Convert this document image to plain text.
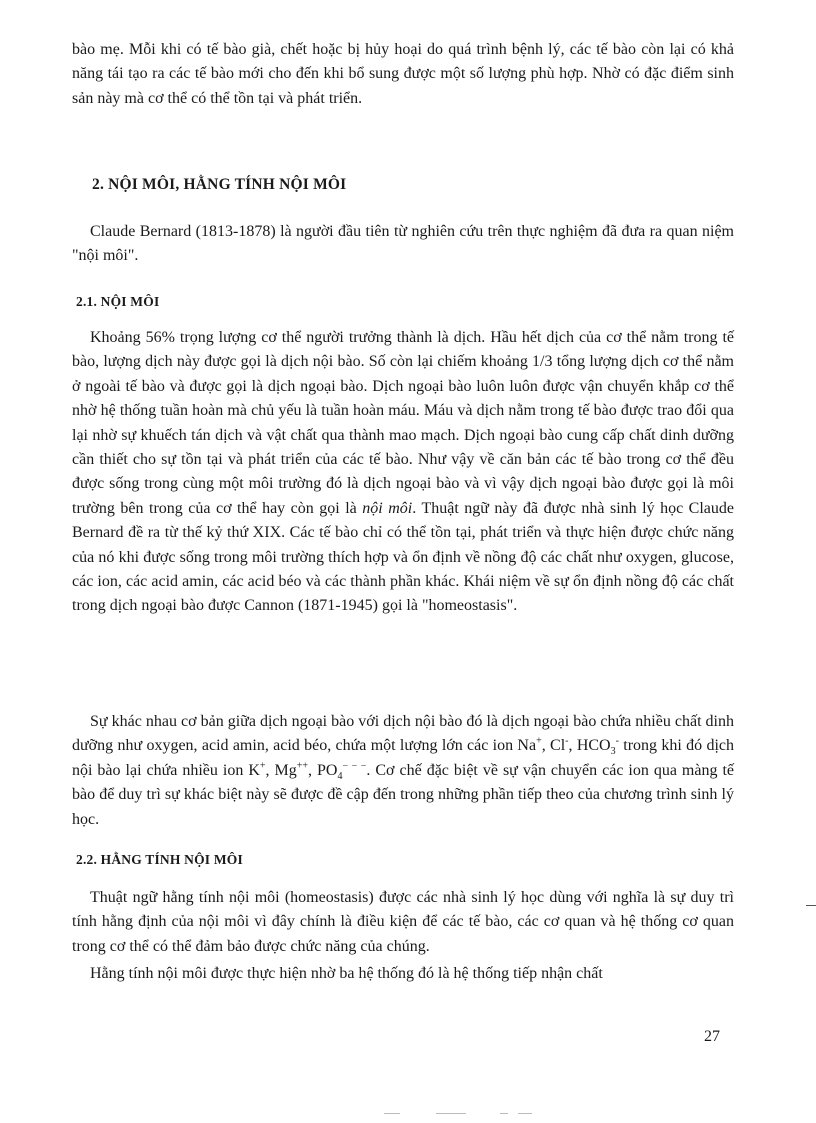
bào mẹ. Mỗi khi có tế bào già, chết hoặc bị hủy hoại do quá trình bệnh lý, các tế bào còn lại có khả năng tái tạo ra các tế bào mới cho đến khi bổ sung được một số lượng phù hợp. Nhờ có đặc điểm sinh sản này mà cơ thể có thể tồn tại và phát triển.

2. NỘI MÔI, HẰNG TÍNH NỘI MÔI

Claude Bernard (1813-1878) là người đầu tiên từ nghiên cứu trên thực nghiệm đã đưa ra quan niệm "nội môi".

2.1. NỘI MÔI

Khoảng 56% trọng lượng cơ thể người trưởng thành là dịch. Hầu hết dịch của cơ thể nằm trong tế bào, lượng dịch này được gọi là dịch nội bào. Số còn lại chiếm khoảng 1/3 tổng lượng dịch cơ thể nằm ở ngoài tế bào và được gọi là dịch ngoại bào. Dịch ngoại bào luôn luôn được vận chuyển khắp cơ thể nhờ hệ thống tuần hoàn mà chủ yếu là tuần hoàn máu. Máu và dịch nằm trong tế bào được trao đổi qua lại nhờ sự khuếch tán dịch và vật chất qua thành mao mạch. Dịch ngoại bào cung cấp chất dinh dưỡng cần thiết cho sự tồn tại và phát triển của các tế bào. Như vậy về căn bản các tế bào trong cơ thể đều được sống trong cùng một môi trường đó là dịch ngoại bào và vì vậy dịch ngoại bào được gọi là môi trường bên trong của cơ thể hay còn gọi là nội môi. Thuật ngữ này đã được nhà sinh lý học Claude Bernard đề ra từ thế kỷ thứ XIX. Các tế bào chỉ có thể tồn tại, phát triển và thực hiện được chức năng của nó khi được sống trong môi trường thích hợp và ổn định về nồng độ các chất như oxygen, glucose, các ion, các acid amin, các acid béo và các thành phần khác. Khái niệm về sự ổn định nồng độ các chất trong dịch ngoại bào được Cannon (1871-1945) gọi là "homeostasis".

Sự khác nhau cơ bản giữa dịch ngoại bào với dịch nội bào đó là dịch ngoại bào chứa nhiều chất dinh dưỡng như oxygen, acid amin, acid béo, chứa một lượng lớn các ion Na+, Cl-, $HCO_3^-$ trong khi đó dịch nội bào lại chứa nhiều ion K+, Mg++, $PO_4^{- - -}$. Cơ chế đặc biệt về sự vận chuyển các ion qua màng tế bào để duy trì sự khác biệt này sẽ được đề cập đến trong những phần tiếp theo của chương trình sinh lý học.

2.2. HẰNG TÍNH NỘI MÔI

Thuật ngữ hằng tính nội môi (homeostasis) được các nhà sinh lý học dùng với nghĩa là sự duy trì tính hằng định của nội môi vì đây chính là điều kiện để các tế bào, các cơ quan và hệ thống cơ quan trong cơ thể có thể đảm bảo được chức năng của chúng.

Hằng tính nội môi được thực hiện nhờ ba hệ thống đó là hệ thống tiếp nhận chất

27
